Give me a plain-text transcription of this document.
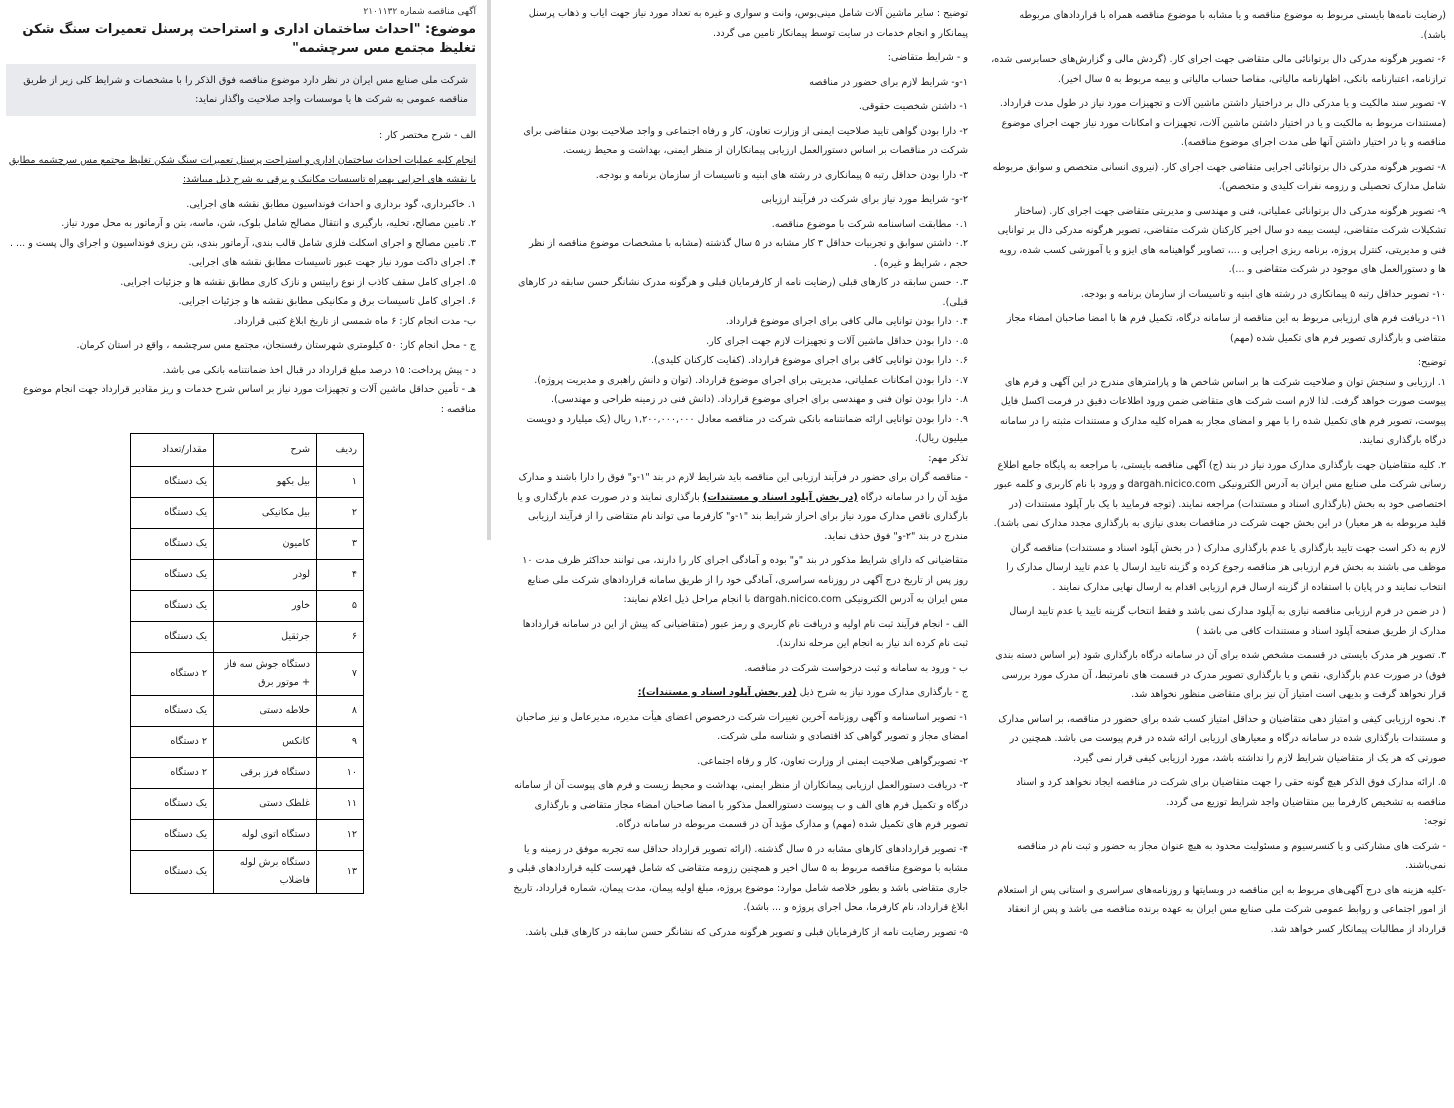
آگهی مناقصه شماره ۲۱۰۱۱۳۲
موضوع: "احداث ساختمان اداری و استراحت پرسنل تعمیرات سنگ شکن تغلیظ مجتمع مس سرچشمه"
شرکت ملی صنایع مس ایران در نظر دارد موضوع مناقصه فوق الذکر را با مشخصات و شرایط کلی زیر از طریق مناقصه عمومی به شرکت ها یا موسسات واجد صلاحیت واگذار نماید:

الف - شرح مختصر کار :

انجام کلیه عملیات احداث ساختمان اداری و استراحت پرسنل تعمیرات سنگ شکن تغلیظ مجتمع مس سرچشمه مطابق با نقشه های اجرایی بهمراه تاسیسات مکانیک و برقی به شرح ذیل میباشد:

۱. خاکبرداری، گود برداری و احداث فونداسیون مطابق نقشه های اجرایی.

۲. تامین مصالح، تخلیه، بارگیری و انتقال مصالح شامل بلوک، شن، ماسه، بتن و آرماتور به محل مورد نیاز.

۳. تامین مصالح و اجرای اسکلت فلزی شامل قالب بندی، آرماتور بندی، بتن ریزی فونداسیون و اجرای وال پست و ... .

۴. اجرای داکت مورد نیاز جهت عبور تاسیسات مطابق نقشه های اجرایی.

۵. اجرای کامل سقف کاذب از نوع رابیتس و نازک کاری مطابق نقشه ها و جزئیات اجرایی.

۶. اجرای کامل تاسیسات برق و مکانیکی مطابق نقشه ها و جزئیات اجرایی.

ب- مدت انجام کار: ۶ ماه شمسی از تاریخ ابلاغ کتبی قرارداد.

ج - محل انجام کار: ۵۰ کیلومتری شهرستان رفسنجان، مجتمع مس سرچشمه ، واقع در استان کرمان.

د - پیش پرداخت: ۱۵ درصد مبلغ قرارداد در قبال اخذ ضمانتنامه بانکی می باشد.

هـ - تأمین حداقل ماشین آلات و تجهیزات مورد نیاز بر اساس شرح خدمات و ریز مقادیر قرارداد جهت انجام موضوع مناقصه :

ردیف	شرح	مقدار/تعداد
۱	بیل بکهو	یک دستگاه
۲	بیل مکانیکی	یک دستگاه
۳	کامیون	یک دستگاه
۴	لودر	یک دستگاه
۵	خاور	یک دستگاه
۶	جرثقیل	یک دستگاه
۷	دستگاه جوش سه فاز + موتور برق	۲ دستگاه
۸	خلاطه دستی	یک دستگاه
۹	کانکس	۲ دستگاه
۱۰	دستگاه فرز برقی	۲ دستگاه
۱۱	غلطک دستی	یک دستگاه
۱۲	دستگاه اتوی لوله	یک دستگاه
۱۳	دستگاه برش لوله فاضلاب	یک دستگاه

توضیح : سایر ماشین آلات شامل مینی‌بوس، وانت و سواری و غیره به تعداد مورد نیاز جهت ایاب و ذهاب پرسنل پیمانکار و انجام خدمات در سایت توسط پیمانکار تامین می گردد.

و - شرایط متقاضی:

۱-و- شرایط لازم برای حضور در مناقصه

۱- داشتن شخصیت حقوقی.

۲- دارا بودن گواهی تایید صلاحیت ایمنی از وزارت تعاون، کار و رفاه اجتماعی و واجد صلاحیت بودن متقاضی برای شرکت در مناقصات بر اساس دستورالعمل ارزیابی پیمانکاران از منظر ایمنی، بهداشت و محیط زیست.

۳- دارا بودن حداقل رتبه ۵ پیمانکاری در رشته های ابنیه و تاسیسات از سازمان برنامه و بودجه.

۲-و- شرایط مورد نیاز برای شرکت در فرآیند ارزیابی

۰.۱ مطابقت اساسنامه شرکت با موضوع مناقصه.

۰.۲ داشتن سوابق و تجربیات حداقل ۳ کار مشابه در ۵ سال گذشته (مشابه با مشخصات موضوع مناقصه از نظر حجم ، شرایط و غیره) .

۰.۳ حسن سابقه در کارهای قبلی (رضایت نامه از کارفرمایان قبلی و هرگونه مدرک نشانگر حسن سابقه در کارهای قبلی).

۰.۴ دارا بودن توانایی مالی کافی برای اجرای موضوع قرارداد.

۰.۵ دارا بودن حداقل ماشین آلات و تجهیزات لازم جهت اجرای کار.

۰.۶ دارا بودن توانایی کافی برای اجرای موضوع قرارداد. (کفایت کارکنان کلیدی).

۰.۷ دارا بودن امکانات عملیاتی، مدیریتی برای اجرای موضوع قرارداد. (توان و دانش راهبری و مدیریت پروژه).

۰.۸ دارا بودن توان فنی و مهندسی برای اجرای موضوع قرارداد. (دانش فنی در زمینه طراحی و مهندسی).

۰.۹ دارا بودن توانایی ارائه ضمانتنامه بانکی شرکت در مناقصه معادل ۱,۲۰۰,۰۰۰,۰۰۰ ریال (یک میلیارد و دویست میلیون ریال).

تذکر مهم:

- مناقصه گران برای حضور در فرآیند ارزیابی این مناقصه باید شرایط لازم در بند "۱-و" فوق را دارا باشند و مدارک مؤید آن را در سامانه درگاه (در بخش آپلود اسناد و مستندات) بارگذاری نمایند و در صورت عدم بارگذاری و یا بارگذاری ناقص مدارک مورد نیاز برای احراز شرایط بند "۱-و" کارفرما می تواند نام متقاضی را از فرآیند ارزیابی مندرج در بند "۲-و" فوق حذف نماید.

متقاضیانی که دارای شرایط مذکور در بند "و" بوده و آمادگی اجرای کار را دارند، می توانند حداکثر ظرف مدت ۱۰ روز پس از تاریخ درج آگهی در روزنامه سراسری، آمادگی خود را از طریق سامانه قراردادهای شرکت ملی صنایع مس ایران به آدرس الکترونیکی dargah.nicico.com با انجام مراحل ذیل اعلام نمایند:

الف - انجام فرآیند ثبت نام اولیه و دریافت نام کاربری و رمز عبور (متقاضیانی که پیش از این در سامانه قراردادها ثبت نام کرده اند نیاز به انجام این مرحله ندارند).

ب - ورود به سامانه و ثبت درخواست شرکت در مناقصه.

ج - بارگذاری مدارک مورد نیاز به شرح ذیل (در بخش آپلود اسناد و مستندات):

۱- تصویر اساسنامه و آگهی روزنامه آخرین تغییرات شرکت درخصوص اعضای هیأت مدیره، مدیرعامل و نیز صاحبان امضای مجاز و تصویر گواهی کد اقتصادی و شناسه ملی شرکت.

۲- تصویرگواهی صلاحیت ایمنی از وزارت تعاون، کار و رفاه اجتماعی.

۳- دریافت دستورالعمل ارزیابی پیمانکاران از منظر ایمنی، بهداشت و محیط زیست و فرم های پیوست آن از سامانه درگاه و تکمیل فرم های الف و ب پیوست دستورالعمل مذکور با امضا صاحبان امضاء مجاز متقاضی و بارگذاری تصویر فرم های تکمیل شده (مهم) و مدارک مؤید آن در قسمت مربوطه در سامانه درگاه.

۴- تصویر قراردادهای کارهای مشابه در ۵ سال گذشته. (ارائه تصویر قرارداد حداقل سه تجربه موفق در زمینه و یا مشابه با موضوع مناقصه مربوط به ۵ سال اخیر و همچنین رزومه متقاضی که شامل فهرست کلیه قراردادهای قبلی و جاری متقاضی باشد و بطور خلاصه شامل موارد: موضوع پروژه، مبلغ اولیه پیمان، مدت پیمان، شماره قرارداد، تاریخ ابلاغ قرارداد، نام کارفرما، محل اجرای پروژه و ... باشد).

۵- تصویر رضایت نامه از کارفرمایان قبلی و تصویر هرگونه مدرکی که نشانگر حسن سابقه در کارهای قبلی باشد.

(رضایت نامه‌ها بایستی مربوط به موضوع مناقصه و یا مشابه با موضوع مناقصه همراه با قراردادهای مربوطه باشد).

۶- تصویر هرگونه مدرکی دال برتوانائی مالی متقاضی جهت اجرای کار. (گردش مالی و گزارش‌های حسابرسی شده، ترازنامه، اعتبارنامه بانکی، اظهارنامه مالیاتی، مفاصا حساب مالیاتی و بیمه مربوط به ۵ سال اخیر).

۷- تصویر سند مالکیت و یا مدرکی دال بر دراختیار داشتن ماشین آلات و تجهیزات مورد نیاز در طول مدت قرارداد. (مستندات مربوط به مالکیت و یا در اختیار داشتن ماشین آلات، تجهیزات و امکانات مورد نیاز جهت اجرای موضوع مناقصه و یا در اختیار داشتن آنها طی مدت اجرای موضوع مناقصه).

۸- تصویر هرگونه مدرکی دال برتوانائی اجرایی متقاضی جهت اجرای کار. (نیروی انسانی متخصص و سوابق مربوطه شامل مدارک تحصیلی و رزومه نفرات کلیدی و متخصص).

۹- تصویر هرگونه مدرکی دال برتوانائی عملیاتی، فنی و مهندسی و مدیریتی متقاضی جهت اجرای کار. (ساختار تشکیلات شرکت متقاضی، لیست بیمه دو سال اخیر کارکنان شرکت متقاضی، تصویر هرگونه مدرکی دال بر توانایی فنی و مدیریتی، کنترل پروژه، برنامه ریزی اجرایی و ...، تصاویر گواهینامه های ایزو و یا آموزشی کسب شده، رویه ها و دستورالعمل های موجود در شرکت متقاضی و ...).

۱۰- تصویر حداقل رتبه ۵ پیمانکاری در رشته های ابنیه و تاسیسات از سازمان برنامه و بودجه.

۱۱- دریافت فرم های ارزیابی مربوط به این مناقصه از سامانه درگاه، تکمیل فرم ها با امضا صاحبان امضاء مجاز متقاضی و بارگذاری تصویر فرم های تکمیل شده (مهم)

توضیح:

۱. ارزیابی و سنجش توان و صلاحیت شرکت ها بر اساس شاخص ها و پارامترهای مندرج در این آگهی و فرم های پیوست صورت خواهد گرفت. لذا لازم است شرکت های متقاضی ضمن ورود اطلاعات دقیق در فرمت اکسل فایل پیوست، تصویر فرم های تکمیل شده را با مهر و امضای مجاز به همراه کلیه مدارک و مستندات مثبته را در سامانه درگاه بارگذاری نمایند.

۲. کلیه متقاضیان جهت بارگذاری مدارک مورد نیاز در بند (ج) آگهی مناقصه بایستی، با مراجعه به پایگاه جامع اطلاع رسانی شرکت ملی صنایع مس ایران به آدرس الکترونیکی dargah.nicico.com و ورود با نام کاربری و کلمه عبور اختصاصی خود به بخش (بارگذاری اسناد و مستندات) مراجعه نمایند. (توجه فرمایید با یک بار آپلود مستندات (در قلید مربوطه به هر معیار) در این بخش جهت شرکت در مناقصات بعدی نیازی به بارگذاری مجدد مدارک نمی باشد).

لازم به ذکر است جهت تایید بارگذاری یا عدم بارگذاری مدارک ( در بخش آپلود اسناد و مستندات) مناقصه گران موظف می باشند به بخش فرم ارزیابی هر مناقصه رجوع کرده و گزینه تایید ارسال یا عدم تایید ارسال مدارک را انتخاب نمایند و در پایان با استفاده از گزینه ارسال فرم ارزیابی اقدام به ارسال نهایی مدارک نمایند .

( در ضمن در فرم ارزیابی مناقصه نیازی به آپلود مدارک نمی باشد و فقط انتخاب گزینه تایید یا عدم تایید ارسال مدارک از طریق صفحه آپلود اسناد و مستندات کافی می باشد )

۳. تصویر هر مدرک بایستی در قسمت مشخص شده برای آن در سامانه درگاه بارگذاری شود (بر اساس دسته بندی فوق) در صورت عدم بارگذاری، نقص و یا بارگذاری تصویر مدرک در قسمت های نامرتبط، آن مدرک مورد بررسی قرار نخواهد گرفت و بدیهی است امتیاز آن نیز برای متقاضی منظور نخواهد شد.

۴. نحوه ارزیابی کیفی و امتیاز دهی متقاضیان و حداقل امتیاز کسب شده برای حضور در مناقصه، بر اساس مدارک و مستندات بارگذاری شده در سامانه درگاه و معیارهای ارزیابی ارائه شده در فرم پیوست می باشد. همچنین در صورتی که هر یک از متقاضیان شرایط لازم را نداشته باشد، مورد ارزیابی کیفی قرار نمی گیرد.

۵. ارائه مدارک فوق الذکر هیچ گونه حقی را جهت متقاضیان برای شرکت در مناقصه ایجاد نخواهد کرد و اسناد مناقصه به تشخیص کارفرما بین متقاضیان واجد شرایط توزیع می گردد.

توجه:

- شرکت های مشارکتی و یا کنسرسیوم و مسئولیت محدود به هیچ عنوان مجاز به حضور و ثبت نام در مناقصه نمی‌باشند.

-کلیه هزینه های درج آگهی‌های مربوط به این مناقصه در وبسایتها و روزنامه‌های سراسری و استانی پس از استعلام از امور اجتماعی و روابط عمومی شرکت ملی صنایع مس ایران به عهده برنده مناقصه می باشد و پس از انعقاد قرارداد از مطالبات پیمانکار کسر خواهد شد.
